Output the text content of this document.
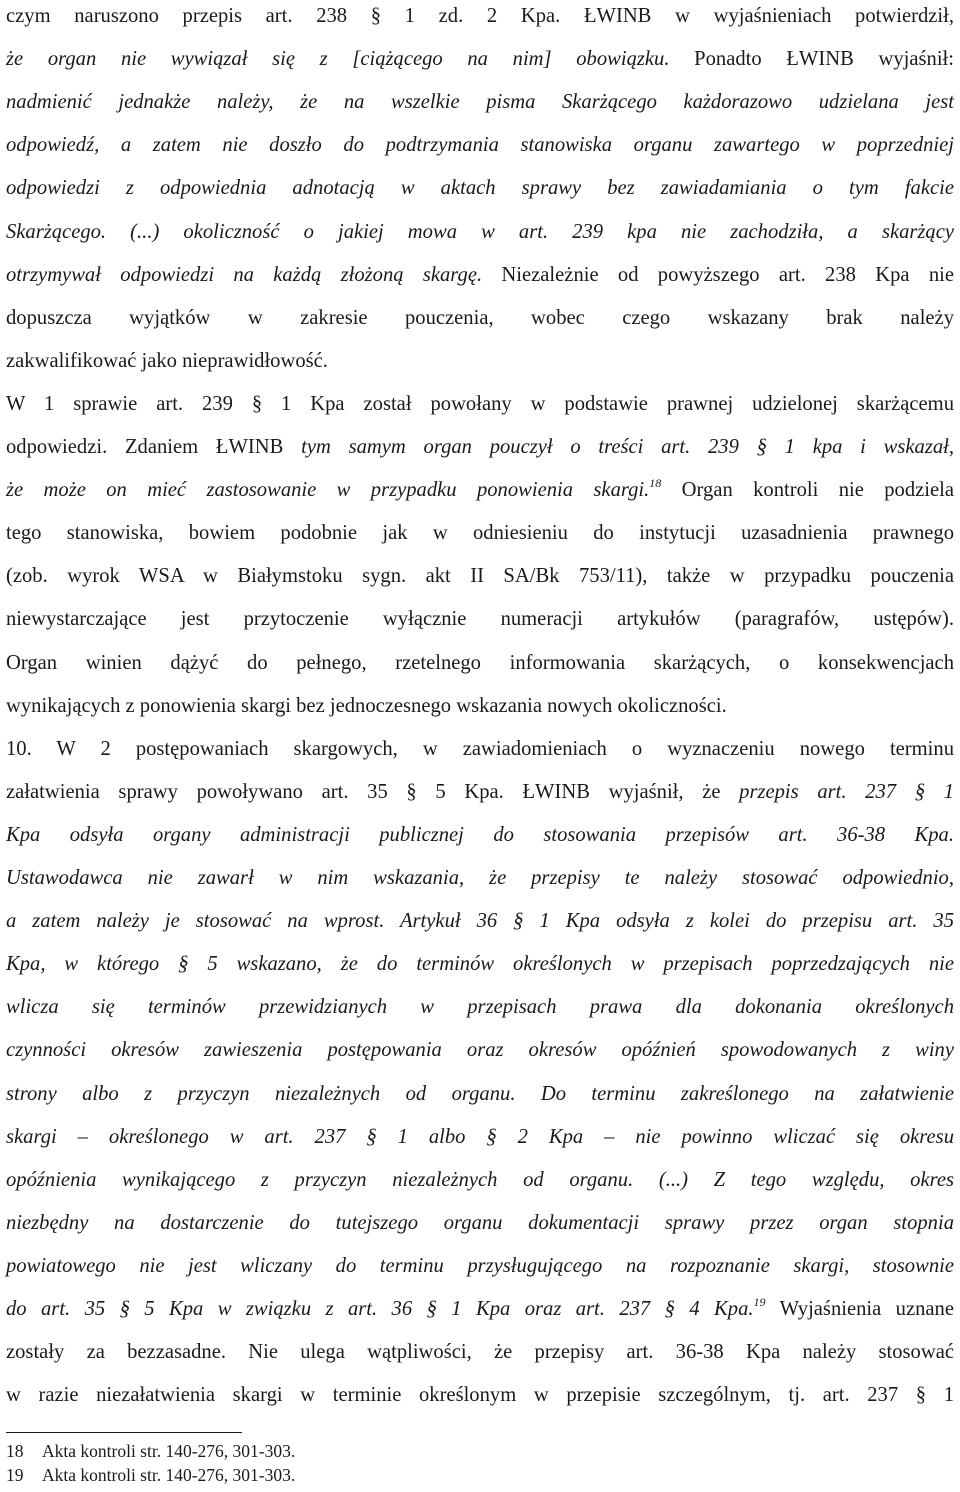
czym naruszono przepis art. 238 § 1 zd. 2 Kpa. ŁWINB w wyjaśnieniach potwierdził,
że organ nie wywiązał się z [ciążącego na nim] obowiązku. Ponadto ŁWINB wyjaśnił:
nadmienić jednakże należy, że na wszelkie pisma Skarżącego każdorazowo udzielana jest
odpowiedź, a zatem nie doszło do podtrzymania stanowiska organu zawartego w poprzedniej
odpowiedzi z odpowiednia adnotacją w aktach sprawy bez zawiadamiania o tym fakcie
Skarżącego. (...) okoliczność o jakiej mowa w art. 239 kpa nie zachodziła, a skarżący
otrzymywał odpowiedzi na każdą złożoną skargę. Niezależnie od powyższego art. 238 Kpa nie
dopuszcza wyjątków w zakresie pouczenia, wobec czego wskazany brak należy
zakwalifikować jako nieprawidłowość.
W 1 sprawie art. 239 § 1 Kpa został powołany w podstawie prawnej udzielonej skarżącemu
odpowiedzi. Zdaniem ŁWINB tym samym organ pouczył o treści art. 239 § 1 kpa i wskazał,
że może on mieć zastosowanie w przypadku ponowienia skargi.$^{18}$ Organ kontroli nie podziela
tego stanowiska, bowiem podobnie jak w odniesieniu do instytucji uzasadnienia prawnego
(zob. wyrok WSA w Białymstoku sygn. akt II SA/Bk 753/11), także w przypadku pouczenia
niewystarczające jest przytoczenie wyłącznie numeracji artykułów (paragrafów, ustępów).
Organ winien dążyć do pełnego, rzetelnego informowania skarżących, o konsekwencjach
wynikających z ponowienia skargi bez jednoczesnego wskazania nowych okoliczności.
10. W 2 postępowaniach skargowych, w zawiadomieniach o wyznaczeniu nowego terminu
załatwienia sprawy powoływano art. 35 § 5 Kpa. ŁWINB wyjaśnił, że przepis art. 237 § 1
Kpa odsyła organy administracji publicznej do stosowania przepisów art. 36-38 Kpa.
Ustawodawca nie zawarł w nim wskazania, że przepisy te należy stosować odpowiednio,
a zatem należy je stosować na wprost. Artykuł 36 § 1 Kpa odsyła z kolei do przepisu art. 35
Kpa, w którego § 5 wskazano, że do terminów określonych w przepisach poprzedzających nie
wlicza się terminów przewidzianych w przepisach prawa dla dokonania określonych
czynności okresów zawieszenia postępowania oraz okresów opóźnień spowodowanych z winy
strony albo z przyczyn niezależnych od organu. Do terminu zakreślonego na załatwienie
skargi – określonego w art. 237 § 1 albo § 2 Kpa – nie powinno wliczać się okresu
opóźnienia wynikającego z przyczyn niezależnych od organu. (...) Z tego względu, okres
niezbędny na dostarczenie do tutejszego organu dokumentacji sprawy przez organ stopnia
powiatowego nie jest wliczany do terminu przysługującego na rozpoznanie skargi, stosownie
do art. 35 § 5 Kpa w związku z art. 36 § 1 Kpa oraz art. 237 § 4 Kpa.$^{19}$ Wyjaśnienia uznane
zostały za bezzasadne. Nie ulega wątpliwości, że przepisy art. 36-38 Kpa należy stosować
w razie niezałatwienia skargi w terminie określonym w przepisie szczególnym, tj. art. 237 § 1
18 Akta kontroli str. 140-276, 301-303.
19 Akta kontroli str. 140-276, 301-303.
